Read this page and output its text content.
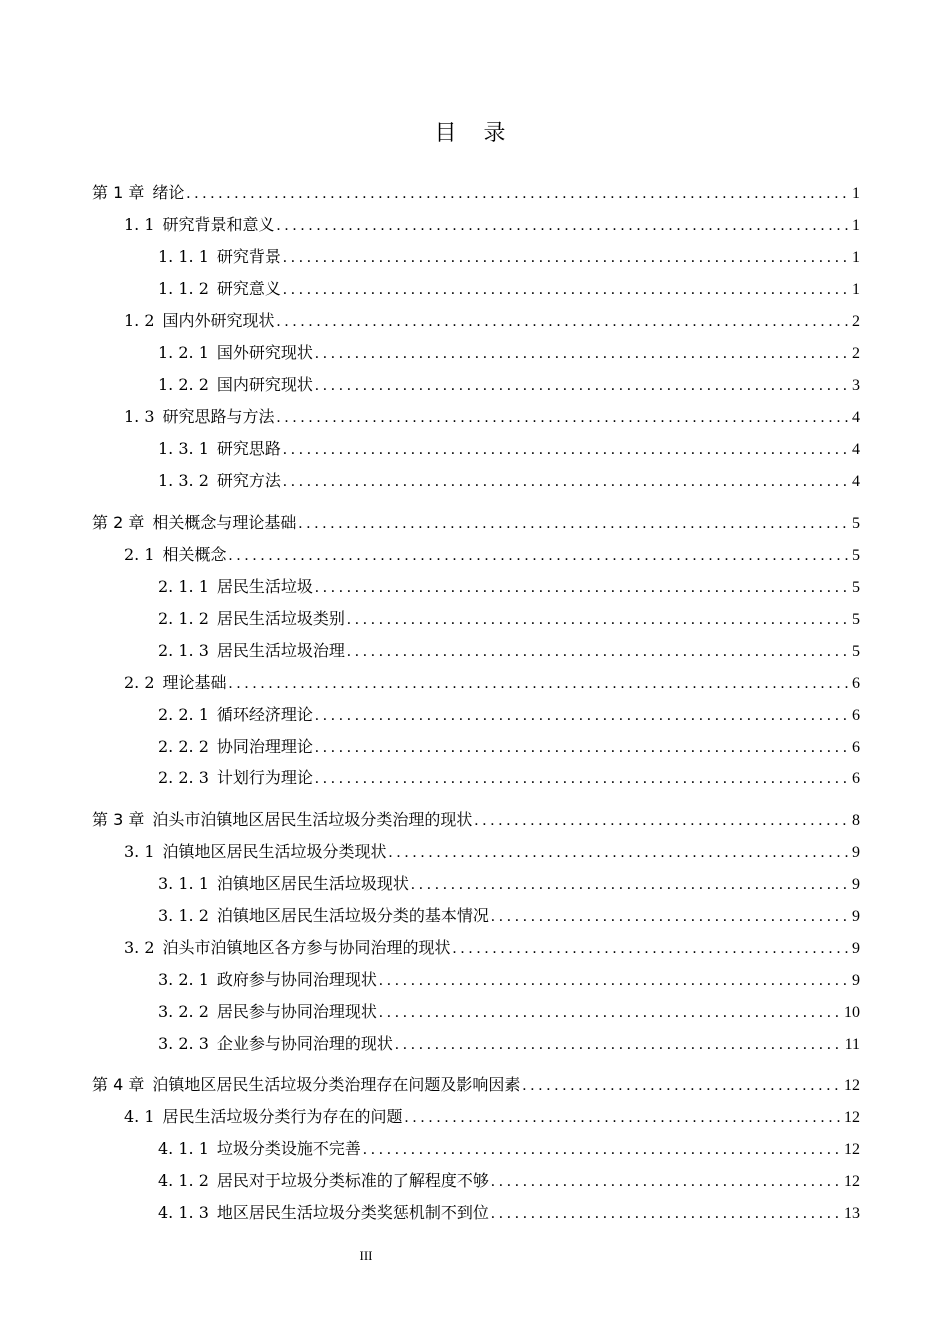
目 录
第 1 章 绪论 . . .	1
1. 1 研究背景和意义 . . .	1
1. 1. 1 研究背景 . . .	1
1. 1. 2 研究意义 . . .	1
1. 2 国内外研究现状 . . .	2
1. 2. 1 国外研究现状 . . .	2
1. 2. 2 国内研究现状 . . .	3
1. 3 研究思路与方法 . . .	4
1. 3. 1 研究思路 . . .	4
1. 3. 2 研究方法 . . .	4
第 2 章 相关概念与理论基础 . . .	5
2. 1 相关概念 . . .	5
2. 1. 1 居民生活垃圾 . . .	5
2. 1. 2 居民生活垃圾类别 . . .	5
2. 1. 3 居民生活垃圾治理 . . .	5
2. 2 理论基础 . . .	6
2. 2. 1 循环经济理论 . . .	6
2. 2. 2 协同治理理论 . . .	6
2. 2. 3 计划行为理论 . . .	6
第 3 章 泊头市泊镇地区居民生活垃圾分类治理的现状 . . .	8
3. 1 泊镇地区居民生活垃圾分类现状 . . .	9
3. 1. 1 泊镇地区居民生活垃圾现状 . . .	9
3. 1. 2 泊镇地区居民生活垃圾分类的基本情况 . . .	9
3. 2 泊头市泊镇地区各方参与协同治理的现状 . . .	9
3. 2. 1 政府参与协同治理现状 . . .	9
3. 2. 2 居民参与协同治理现状 . . .	10
3. 2. 3 企业参与协同治理的现状 . . .	11
第 4 章 泊镇地区居民生活垃圾分类治理存在问题及影响因素 . . .	12
4. 1 居民生活垃圾分类行为存在的问题 . . .	12
4. 1. 1 垃圾分类设施不完善 . . .	12
4. 1. 2 居民对于垃圾分类标准的了解程度不够 . . .	12
4. 1. 3 地区居民生活垃圾分类奖惩机制不到位 . . .	13
III
